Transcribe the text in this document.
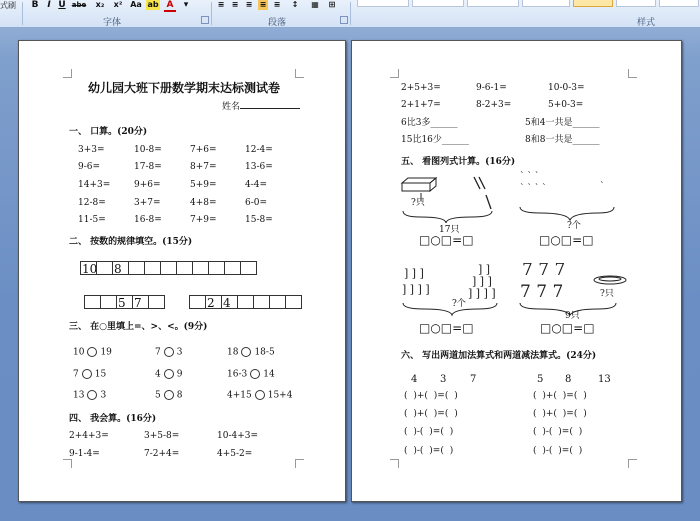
式刷 B I U abe	x₂	x² Aa ab A	▾
字体
≡ ≡ ≡ ≡ ≡ ↕ ▦ ⊞
段落	样式
幼儿园大班下册数学期末达标测试卷
姓名
一、 口算。(20分)
3+3=	10-8=	7+6=	12-4=
9-6=	17-8=	8+7=	13-6=
14+3=	9+6=	5+9=	4-4=
12-8=	3+7=	4+8=	6-0=
11-5=	16-8=	7+9=	15-8=
二、 按数的规律填空。(15分)
10 8
5 7	2 4
三、 在○里填上=、>、<。(9分)
10 19	7 3	18 18-5
7 15	4 9	16-3 14
13 3	5 8	4+15 15+4
四、 我会算。(16分)
2+4+3=	3+5-8=	10-4+3=
9-1-4=	7-2+4=	4+5-2=
2+5+3=	9-6-1=	10-0-3=
2+1+7=	8-2+3=	5+0-3=
6比3多______	5和4一共是______
15比16少______	8和8一共是______
五、 看图列式计算。(16分)
?只
17只
□○□=□
ˋ ˋ ˋ
ˋ ˋ ˋ ˋ	ˋ
?个
□○□=□
] ] ]
] ] ] ]
] ]
] ] ]
] ] ] ]
?个
□○□=□
7 7 7
7 7 7	?只
9只
□○□=□
六、 写出两道加法算式和两道减法算式。(24分)
4 3 7	5 8	13
( )+( )=( )	( )+( )=( )
( )+( )=( )	( )+( )=( )
( )-( )=( )	( )-( )=( )
( )-( )=( )	( )-( )=( )
